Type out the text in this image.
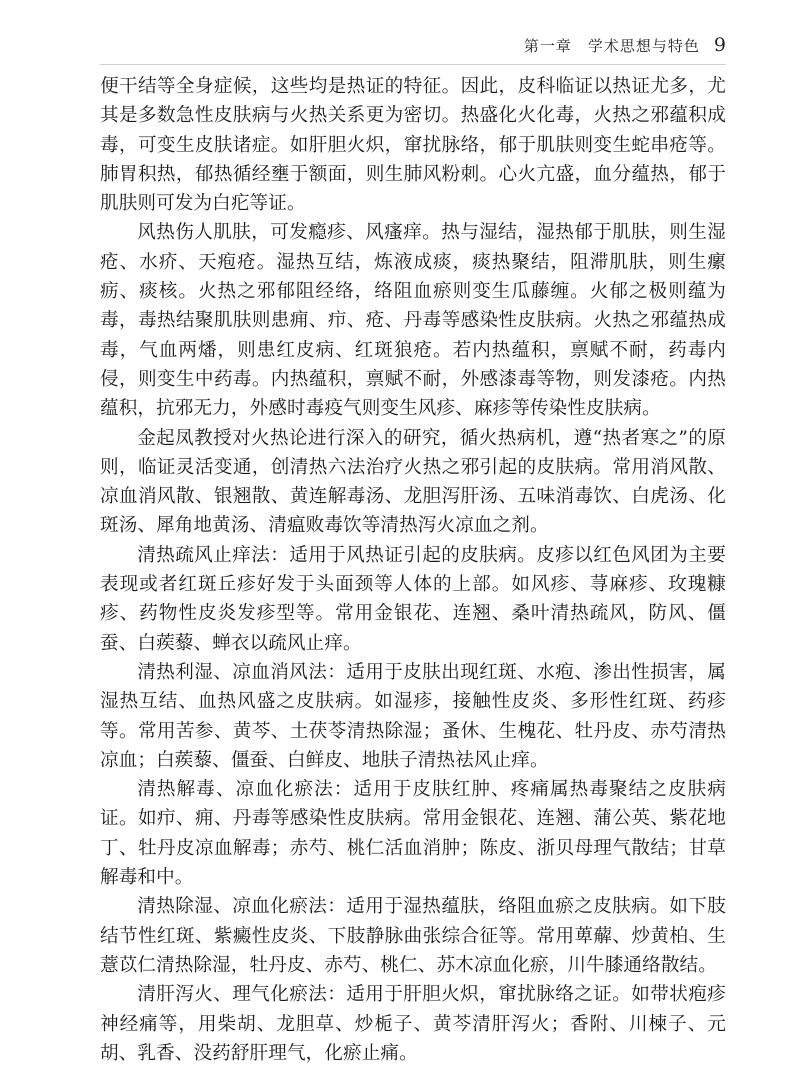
第一章 学术思想与特色 9

便干结等全身症候，这些均是热证的特征。因此，皮科临证以热证尤多，尤其是多数急性皮肤病与火热关系更为密切。热盛化火化毒，火热之邪蕴积成毒，可变生皮肤诸症。如肝胆火炽，窜扰脉络，郁于肌肤则变生蛇串疮等。肺胃积热，郁热循经壅于额面，则生肺风粉刺。心火亢盛，血分蕴热，郁于肌肤则可发为白疕等证。

风热伤人肌肤，可发瘾疹、风瘙痒。热与湿结，湿热郁于肌肤，则生湿疮、水疥、天疱疮。湿热互结，炼液成痰，痰热聚结，阻滞肌肤，则生瘰疬、痰核。火热之邪郁阻经络，络阻血瘀则变生瓜藤缠。火郁之极则蕴为毒，毒热结聚肌肤则患痈、疖、疮、丹毒等感染性皮肤病。火热之邪蕴热成毒，气血两燔，则患红皮病、红斑狼疮。若内热蕴积，禀赋不耐，药毒内侵，则变生中药毒。内热蕴积，禀赋不耐，外感漆毒等物，则发漆疮。内热蕴积，抗邪无力，外感时毒疫气则变生风疹、麻疹等传染性皮肤病。

金起凤教授对火热论进行深入的研究，循火热病机，遵“热者寒之”的原则，临证灵活变通，创清热六法治疗火热之邪引起的皮肤病。常用消风散、凉血消风散、银翘散、黄连解毒汤、龙胆泻肝汤、五味消毒饮、白虎汤、化斑汤、犀角地黄汤、清瘟败毒饮等清热泻火凉血之剂。

清热疏风止痒法：适用于风热证引起的皮肤病。皮疹以红色风团为主要表现或者红斑丘疹好发于头面颈等人体的上部。如风疹、荨麻疹、玫瑰糠疹、药物性皮炎发疹型等。常用金银花、连翘、桑叶清热疏风，防风、僵蚕、白蒺藜、蝉衣以疏风止痒。

清热利湿、凉血消风法：适用于皮肤出现红斑、水疱、渗出性损害，属湿热互结、血热风盛之皮肤病。如湿疹，接触性皮炎、多形性红斑、药疹等。常用苦参、黄芩、土茯苓清热除湿；蚤休、生槐花、牡丹皮、赤芍清热凉血；白蒺藜、僵蚕、白鲜皮、地肤子清热祛风止痒。

清热解毒、凉血化瘀法：适用于皮肤红肿、疼痛属热毒聚结之皮肤病证。如疖、痈、丹毒等感染性皮肤病。常用金银花、连翘、蒲公英、紫花地丁、牡丹皮凉血解毒；赤芍、桃仁活血消肿；陈皮、浙贝母理气散结；甘草解毒和中。

清热除湿、凉血化瘀法：适用于湿热蕴肤，络阻血瘀之皮肤病。如下肢结节性红斑、紫癜性皮炎、下肢静脉曲张综合征等。常用萆薢、炒黄柏、生薏苡仁清热除湿，牡丹皮、赤芍、桃仁、苏木凉血化瘀，川牛膝通络散结。

清肝泻火、理气化瘀法：适用于肝胆火炽，窜扰脉络之证。如带状疱疹神经痛等，用柴胡、龙胆草、炒栀子、黄芩清肝泻火；香附、川楝子、元胡、乳香、没药舒肝理气，化瘀止痛。
